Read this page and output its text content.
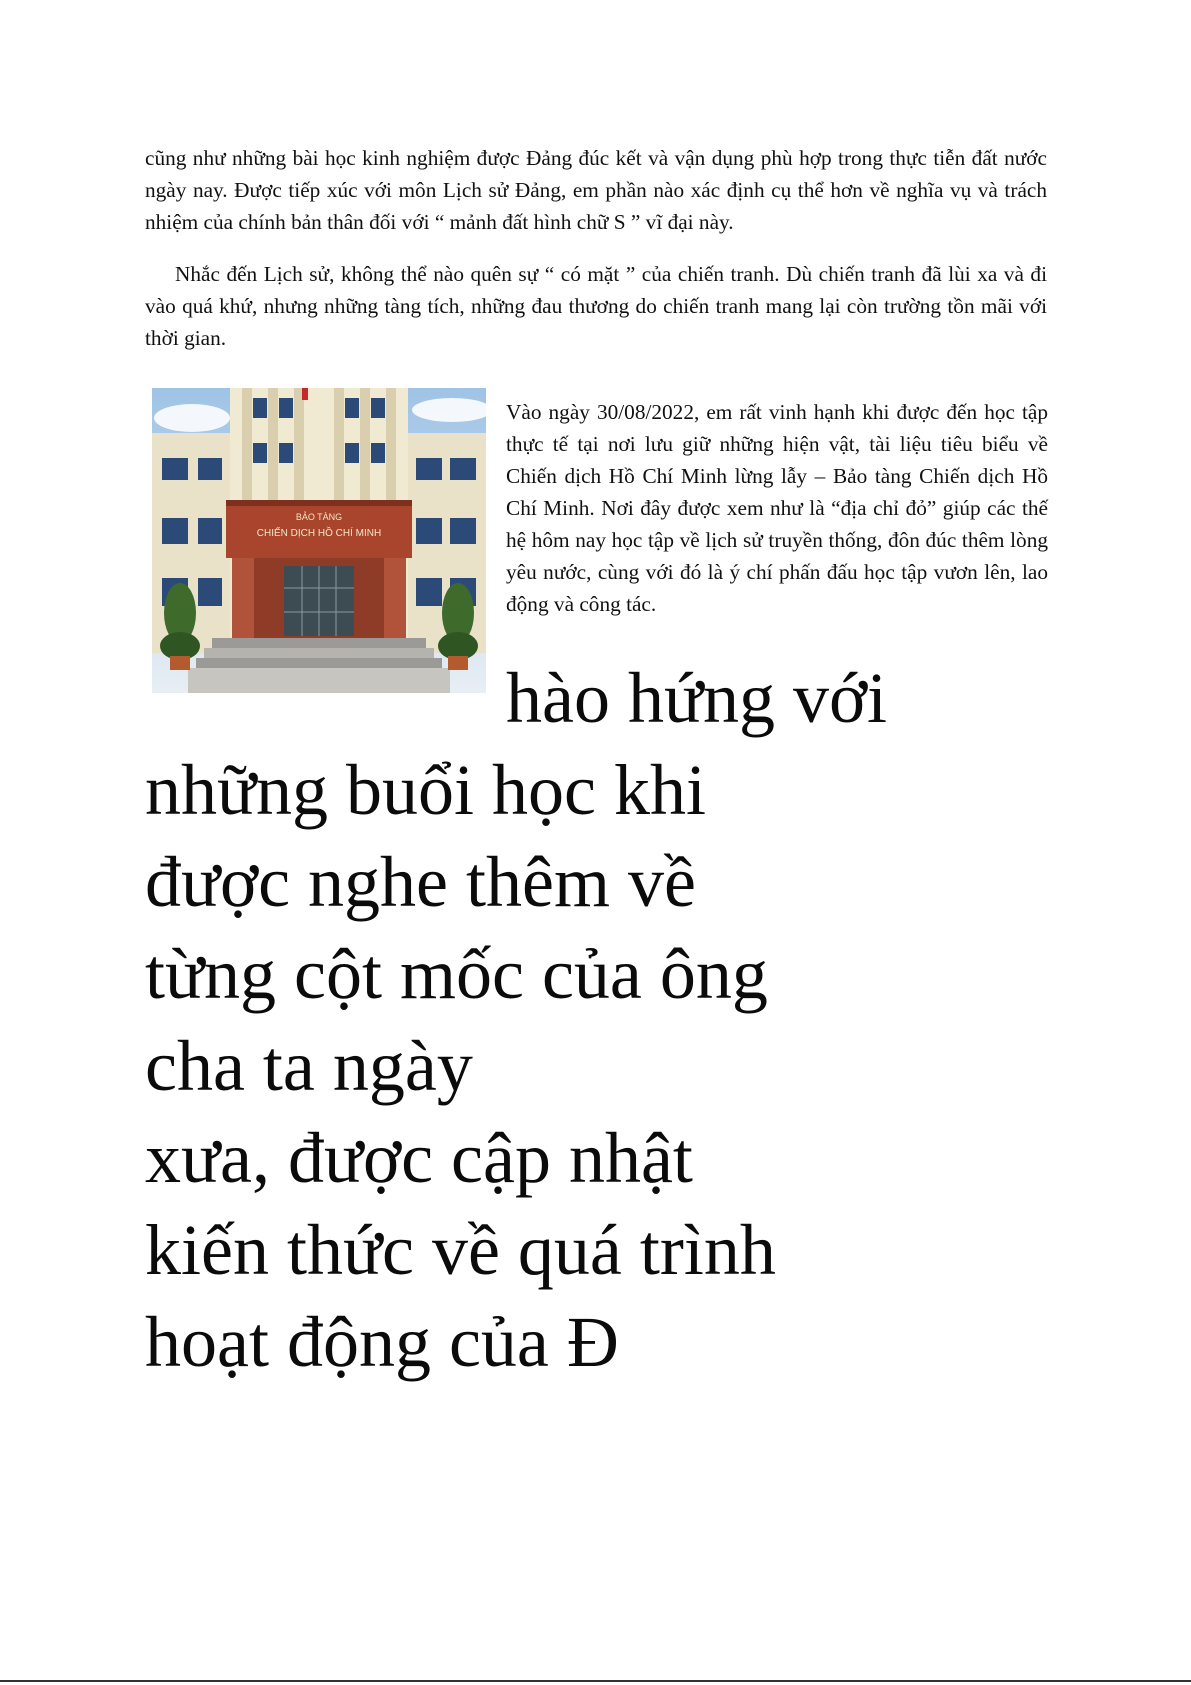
cũng như những bài học kinh nghiệm được Đảng đúc kết và vận dụng phù hợp trong thực tiễn đất nước ngày nay. Được tiếp xúc với môn Lịch sử Đảng, em phần nào xác định cụ thể hơn về nghĩa vụ và trách nhiệm của chính bản thân đối với “ mảnh đất hình chữ S ” vĩ đại này.

Nhắc đến Lịch sử, không thể nào quên sự “ có mặt ” của chiến tranh. Dù chiến tranh đã lùi xa và đi vào quá khứ, nhưng những tàng tích, những đau thương do chiến tranh mang lại còn trường tồn mãi với thời gian.

BẢO TÀNG
CHIẾN DỊCH HỒ CHÍ MINH

Vào ngày 30/08/2022, em rất vinh hạnh khi được đến học tập thực tế tại nơi lưu giữ những hiện vật, tài liệu tiêu biểu về Chiến dịch Hồ Chí Minh lừng lẫy – Bảo tàng Chiến dịch Hồ Chí Minh. Nơi đây được xem như là “địa chỉ đỏ” giúp các thế hệ hôm nay học tập về lịch sử truyền thống, đôn đúc thêm lòng yêu nước, cùng với đó là ý chí phấn đấu học tập vươn lên, lao động và công tác.

hào hứng với
những buổi học khi
được nghe thêm về
từng cột mốc của ông
cha ta ngày
xưa, được cập nhật
kiến thức về quá trình
hoạt động của Đ
